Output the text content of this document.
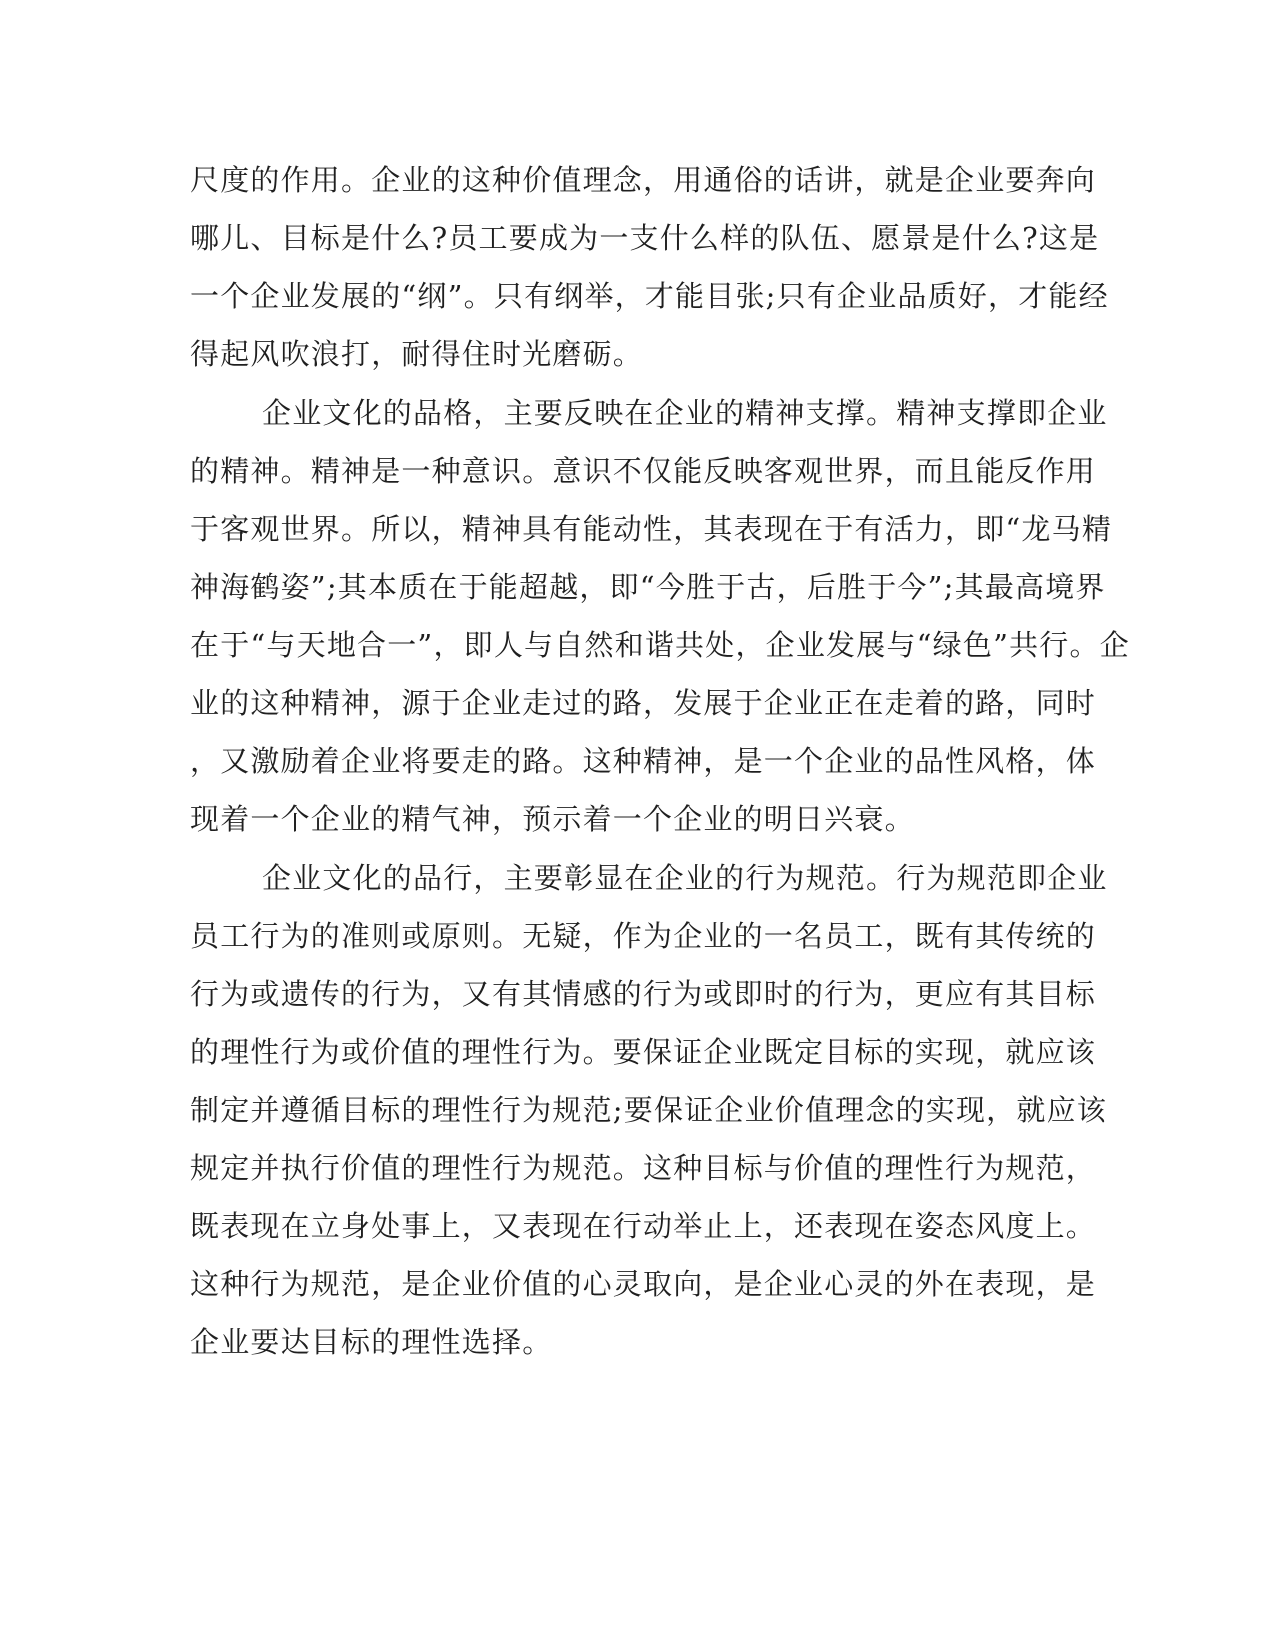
尺度的作用。企业的这种价值理念，用通俗的话讲，就是企业要奔向

哪儿、目标是什么?员工要成为一支什么样的队伍、愿景是什么?这是

一个企业发展的“纲”。只有纲举，才能目张;只有企业品质好，才能经

得起风吹浪打，耐得住时光磨砺。

企业文化的品格，主要反映在企业的精神支撑。精神支撑即企业

的精神。精神是一种意识。意识不仅能反映客观世界，而且能反作用

于客观世界。所以，精神具有能动性，其表现在于有活力，即“龙马精

神海鹤姿”;其本质在于能超越，即“今胜于古，后胜于今”;其最高境界

在于“与天地合一”，即人与自然和谐共处，企业发展与“绿色”共行。企

业的这种精神，源于企业走过的路，发展于企业正在走着的路，同时

，又激励着企业将要走的路。这种精神，是一个企业的品性风格，体

现着一个企业的精气神，预示着一个企业的明日兴衰。

企业文化的品行，主要彰显在企业的行为规范。行为规范即企业

员工行为的准则或原则。无疑，作为企业的一名员工，既有其传统的

行为或遗传的行为，又有其情感的行为或即时的行为，更应有其目标

的理性行为或价值的理性行为。要保证企业既定目标的实现，就应该

制定并遵循目标的理性行为规范;要保证企业价值理念的实现，就应该

规定并执行价值的理性行为规范。这种目标与价值的理性行为规范，

既表现在立身处事上，又表现在行动举止上，还表现在姿态风度上。

这种行为规范，是企业价值的心灵取向，是企业心灵的外在表现，是

企业要达目标的理性选择。
